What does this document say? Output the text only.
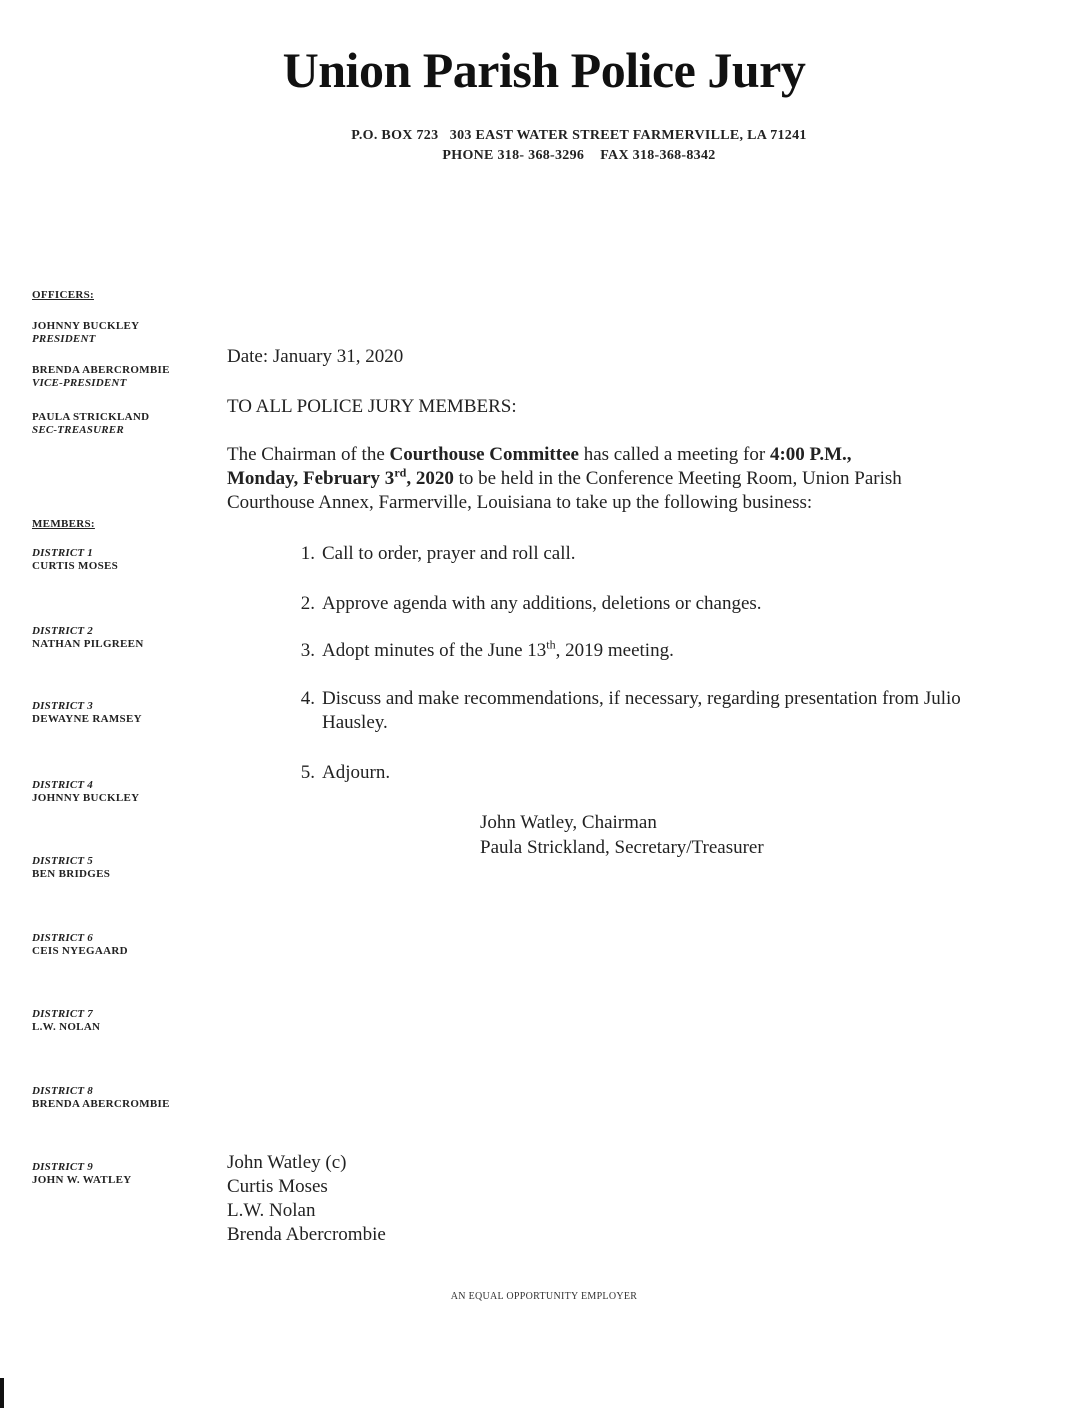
Union Parish Police Jury

P.O. BOX 723   303 EAST WATER STREET FARMERVILLE, LA 71241

PHONE 318- 368-3296 FAX 318-368-8342

OFFICERS:
JOHNNY BUCKLEY
PRESIDENT
BRENDA ABERCROMBIE
VICE-PRESIDENT
PAULA STRICKLAND
SEC-TREASURER
MEMBERS:
DISTRICT 1
CURTIS MOSES
DISTRICT 2
NATHAN PILGREEN
DISTRICT 3
DEWAYNE RAMSEY
DISTRICT 4
JOHNNY BUCKLEY
DISTRICT 5
BEN BRIDGES
DISTRICT 6
CEIS NYEGAARD
DISTRICT 7
L.W. NOLAN
DISTRICT 8
BRENDA ABERCROMBIE
DISTRICT 9
JOHN W. WATLEY
Date: January 31, 2020
TO ALL POLICE JURY MEMBERS:
The Chairman of the Courthouse Committee has called a meeting for 4:00 P.M.,
Monday, February 3rd, 2020 to be held in the Conference Meeting Room, Union Parish Courthouse Annex, Farmerville, Louisiana to take up the following business:
1. Call to order, prayer and roll call.
2. Approve agenda with any additions, deletions or changes.
3. Adopt minutes of the June 13th, 2019 meeting.
4. Discuss and make recommendations, if necessary, regarding presentation from Julio Hausley.
5. Adjourn.
John Watley, Chairman
Paula Strickland, Secretary/Treasurer
John Watley (c)
Curtis Moses
L.W. Nolan
Brenda Abercrombie
AN EQUAL OPPORTUNITY EMPLOYER
